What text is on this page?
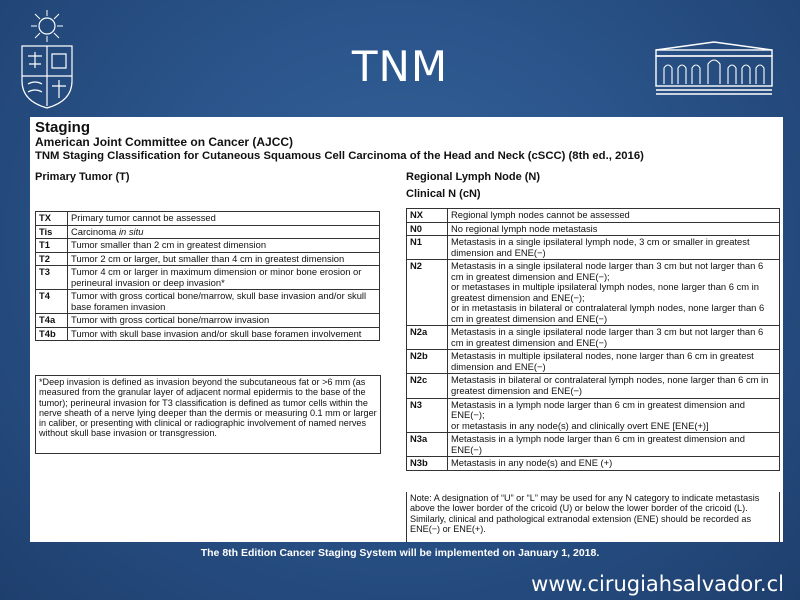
TNM
Staging
American Joint Committee on Cancer (AJCC)
TNM Staging Classification for Cutaneous Squamous Cell Carcinoma of the Head and Neck (cSCC) (8th ed., 2016)
Primary Tumor (T)	Regional Lymph Node (N)
Clinical N (cN)
TX	Primary tumor cannot be assessed
Tis	Carcinoma in situ
T1	Tumor smaller than 2 cm in greatest dimension
T2	Tumor 2 cm or larger, but smaller than 4 cm in greatest dimension
T3	Tumor 4 cm or larger in maximum dimension or minor bone erosion or perineural invasion or deep invasion*
T4	Tumor with gross cortical bone/marrow, skull base invasion and/or skull base foramen invasion
T4a	Tumor with gross cortical bone/marrow invasion
T4b	Tumor with skull base invasion and/or skull base foramen involvement
*Deep invasion is defined as invasion beyond the subcutaneous fat or >6 mm (as measured from the granular layer of adjacent normal epidermis to the base of the tumor); perineural invasion for T3 classification is defined as tumor cells within the nerve sheath of a nerve lying deeper than the dermis or measuring 0.1 mm or larger in caliber, or presenting with clinical or radiographic involvement of named nerves without skull base invasion or transgression.
NX	Regional lymph nodes cannot be assessed
N0	No regional lymph node metastasis
N1	Metastasis in a single ipsilateral lymph node, 3 cm or smaller in greatest dimension and ENE(−)
N2	Metastasis in a single ipsilateral node larger than 3 cm but not larger than 6 cm in greatest dimension and ENE(−);
or metastases in multiple ipsilateral lymph nodes, none larger than 6 cm in greatest dimension and ENE(−);
or in metastasis in bilateral or contralateral lymph nodes, none larger than 6 cm in greatest dimension and ENE(−)
N2a	Metastasis in a single ipsilateral node larger than 3 cm but not larger than 6 cm in greatest dimension and ENE(−)
N2b	Metastasis in multiple ipsilateral nodes, none larger than 6 cm in greatest dimension and ENE(−)
N2c	Metastasis in bilateral or contralateral lymph nodes, none larger than 6 cm in greatest dimension and ENE(−)
N3	Metastasis in a lymph node larger than 6 cm in greatest dimension and ENE(−);
or metastasis in any node(s) and clinically overt ENE [ENE(+)]
N3a	Metastasis in a lymph node larger than 6 cm in greatest dimension and ENE(−)
N3b	Metastasis in any node(s) and ENE (+)
Note: A designation of “U” or “L” may be used for any N category to indicate metastasis above the lower border of the cricoid (U) or below the lower border of the cricoid (L). Similarly, clinical and pathological extranodal extension (ENE) should be recorded as ENE(−) or ENE(+).
The 8th Edition Cancer Staging System will be implemented on January 1, 2018.
www.cirugiahsalvador.cl
